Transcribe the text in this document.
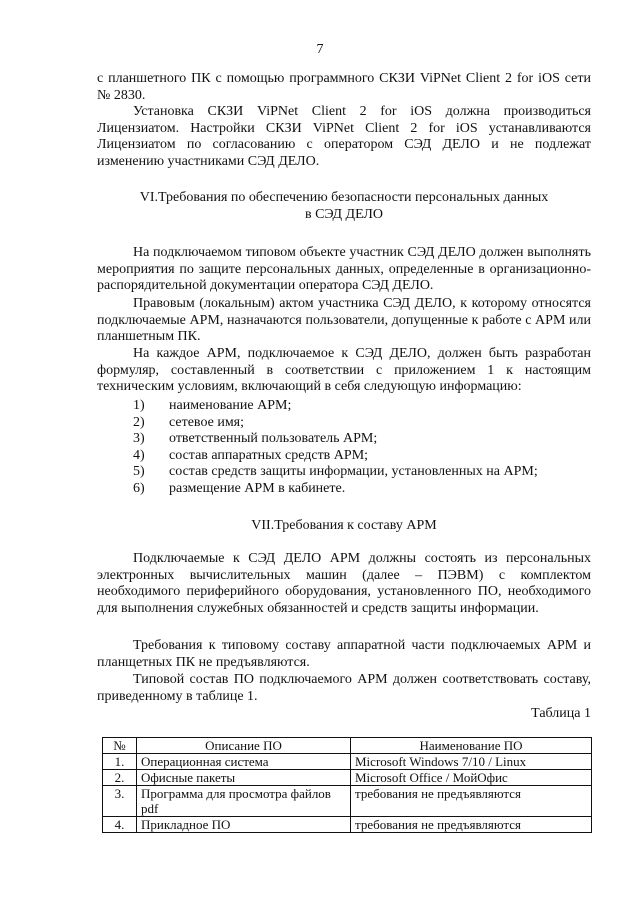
7

с планшетного ПК с помощью программного СКЗИ ViPNet Client 2 for iOS сети № 2830.

Установка СКЗИ ViPNet Client 2 for iOS должна производиться Лицензиатом. Настройки СКЗИ ViPNet Client 2 for iOS устанавливаются Лицензиатом по согласованию с оператором СЭД ДЕЛО и не подлежат изменению участниками СЭД ДЕЛО.

VI.Требования по обеспечению безопасности персональных данных

в СЭД ДЕЛО

На подключаемом типовом объекте участник СЭД ДЕЛО должен выполнять мероприятия по защите персональных данных, определенные в организационно-распорядительной документации оператора СЭД ДЕЛО.

Правовым (локальным) актом участника СЭД ДЕЛО, к которому относятся подключаемые АРМ, назначаются пользователи, допущенные к работе с АРМ или планшетным ПК.

На каждое АРМ, подключаемое к СЭД ДЕЛО, должен быть разработан формуляр, составленный в соответствии с приложением 1 к настоящим техническим условиям, включающий в себя следующую информацию:

1)	наименование АРМ;
2)	сетевое имя;
3)	ответственный пользователь АРМ;
4)	состав аппаратных средств АРМ;
5)	состав средств защиты информации, установленных на АРМ;
6)	размещение АРМ в кабинете.

VII.Требования к составу АРМ

Подключаемые к СЭД ДЕЛО АРМ должны состоять из персональных электронных вычислительных машин (далее – ПЭВМ) с комплектом необходимого периферийного оборудования, установленного ПО, необходимого для выполнения служебных обязанностей и средств защиты информации.

Требования к типовому составу аппаратной части подключаемых АРМ и планщетных ПК не предъявляются.

Типовой состав ПО подключаемого АРМ должен соответствовать составу, приведенному в таблице 1.

Таблица 1
№	Описание ПО	Наименование ПО
1.	Операционная система	Microsoft Windows 7/10 / Linux
2.	Офисные пакеты	Microsoft Office / МойОфис
3.	Программа для просмотра файлов pdf	требования не предъявляются
4.	Прикладное ПО	требования не предъявляются
